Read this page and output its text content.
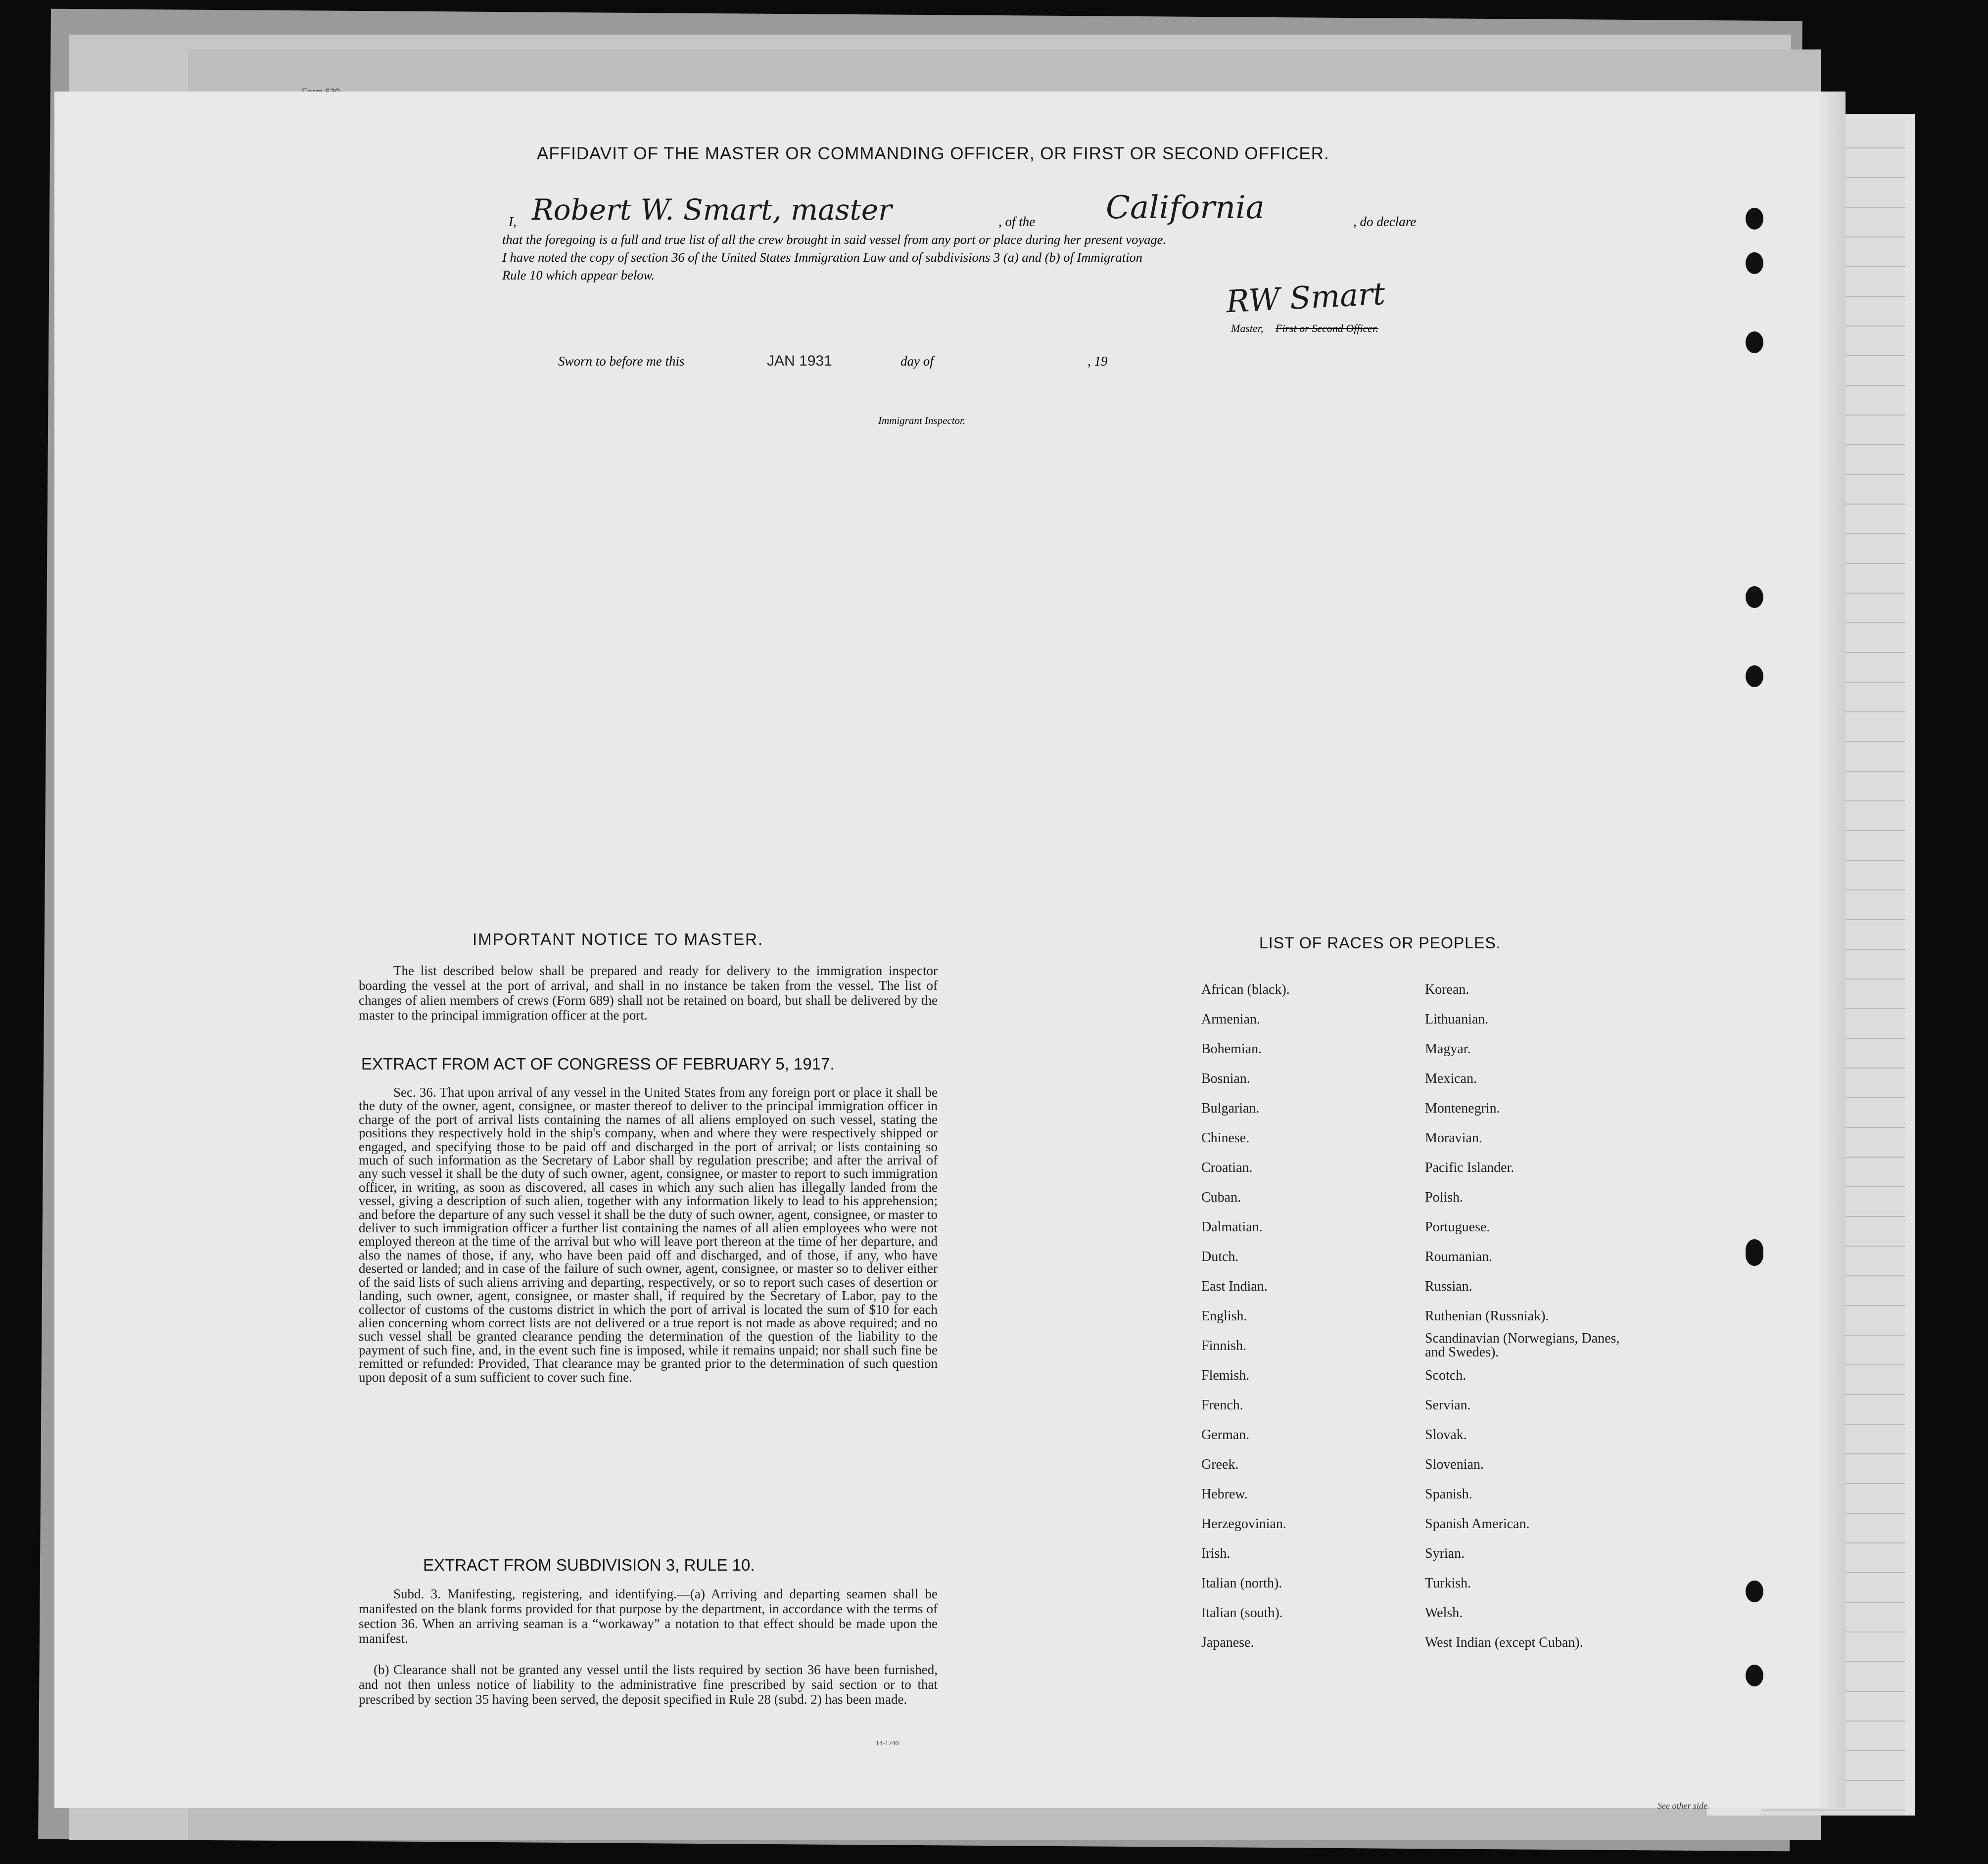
AFFIDAVIT OF THE MASTER OR COMMANDING OFFICER, OR FIRST OR SECOND OFFICER.
I, Robert W. Smart, master	, of the California	, do declare
that the foregoing is a full and true list of all the crew brought in said vessel from any port or place during her present voyage.
I have noted the copy of section 36 of the United States Immigration Law and of subdivisions 3 (a) and (b) of Immigration
Rule 10 which appear below.
RW Smart
Master, First or Second Officer.
Sworn to before me this	JAN 1931	day of	, 19
Immigrant Inspector.
IMPORTANT NOTICE TO MASTER.
The list described below shall be prepared and ready for delivery to the immigration inspector boarding the vessel at the port of arrival, and shall in no instance be taken from the vessel. The list of changes of alien members of crews (Form 689) shall not be retained on board, but shall be delivered by the master to the principal immigration officer at the port.
EXTRACT FROM ACT OF CONGRESS OF FEBRUARY 5, 1917.
Sec. 36. That upon arrival of any vessel in the United States from any foreign port or place it shall be the duty of the owner, agent, consignee, or master thereof to deliver to the principal immigration officer in charge of the port of arrival lists containing the names of all aliens employed on such vessel, stating the positions they respectively hold in the ship's company, when and where they were respectively shipped or engaged, and specifying those to be paid off and discharged in the port of arrival; or lists containing so much of such information as the Secretary of Labor shall by regulation prescribe; and after the arrival of any such vessel it shall be the duty of such owner, agent, consignee, or master to report to such immigration officer, in writing, as soon as discovered, all cases in which any such alien has illegally landed from the vessel, giving a description of such alien, together with any information likely to lead to his apprehension; and before the departure of any such vessel it shall be the duty of such owner, agent, consignee, or master to deliver to such immigration officer a further list containing the names of all alien employees who were not employed thereon at the time of the arrival but who will leave port thereon at the time of her departure, and also the names of those, if any, who have been paid off and discharged, and of those, if any, who have deserted or landed; and in case of the failure of such owner, agent, consignee, or master so to deliver either of the said lists of such aliens arriving and departing, respectively, or so to report such cases of desertion or landing, such owner, agent, consignee, or master shall, if required by the Secretary of Labor, pay to the collector of customs of the customs district in which the port of arrival is located the sum of $10 for each alien concerning whom correct lists are not delivered or a true report is not made as above required; and no such vessel shall be granted clearance pending the determination of the question of the liability to the payment of such fine, and, in the event such fine is imposed, while it remains unpaid; nor shall such fine be remitted or refunded: Provided, That clearance may be granted prior to the determination of such question upon deposit of a sum sufficient to cover such fine.
EXTRACT FROM SUBDIVISION 3, RULE 10.
Subd. 3. Manifesting, registering, and identifying.—(a) Arriving and departing seamen shall be manifested on the blank forms provided for that purpose by the department, in accordance with the terms of section 36. When an arriving seaman is a “workaway” a notation to that effect should be made upon the manifest.
(b) Clearance shall not be granted any vessel until the lists required by section 36 have been furnished, and not then unless notice of liability to the administrative fine prescribed by said section or to that prescribed by section 35 having been served, the deposit specified in Rule 28 (subd. 2) has been made.
14-1240
LIST OF RACES OR PEOPLES.
African (black).
Armenian.
Bohemian.
Bosnian.
Bulgarian.
Chinese.
Croatian.
Cuban.
Dalmatian.
Dutch.
East Indian.
English.
Finnish.
Flemish.
French.
German.
Greek.
Hebrew.
Herzegovinian.
Irish.
Italian (north).
Italian (south).
Japanese.
Korean.
Lithuanian.
Magyar.
Mexican.
Montenegrin.
Moravian.
Pacific Islander.
Polish.
Portuguese.
Roumanian.
Russian.
Ruthenian (Russniak).
Scandinavian (Norwegians, Danes, and Swedes).
Scotch.
Servian.
Slovak.
Slovenian.
Spanish.
Spanish American.
Syrian.
Turkish.
Welsh.
West Indian (except Cuban).
See other side.
